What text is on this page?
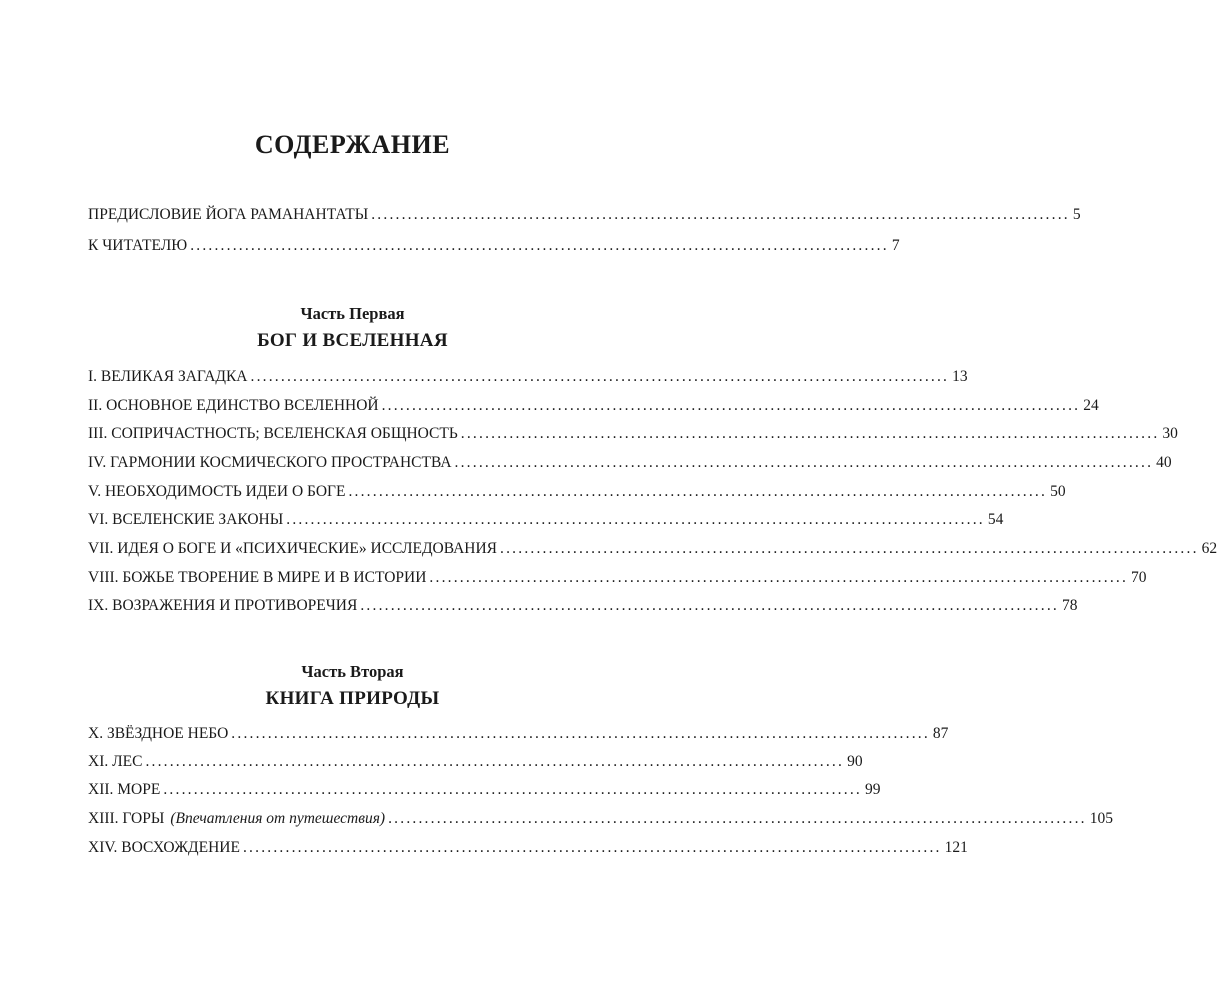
СОДЕРЖАНИЕ
ПРЕДИСЛОВИЕ ЙОГА РАМАНАНТАТЫ ................................................................................................................... 5
К ЧИТАТЕЛЮ ................................................................................................................... 7
Часть Первая
БОГ И ВСЕЛЕННАЯ
I. ВЕЛИКАЯ ЗАГАДКА ................................................................................................................... 13
II. ОСНОВНОЕ ЕДИНСТВО ВСЕЛЕННОЙ ................................................................................................................... 24
III. СОПРИЧАСТНОСТЬ; ВСЕЛЕНСКАЯ ОБЩНОСТЬ ................................................................................................................... 30
IV. ГАРМОНИИ КОСМИЧЕСКОГО ПРОСТРАНСТВА ................................................................................................................... 40
V. НЕОБХОДИМОСТЬ ИДЕИ О БОГЕ ................................................................................................................... 50
VI. ВСЕЛЕНСКИЕ ЗАКОНЫ ................................................................................................................... 54
VII. ИДЕЯ О БОГЕ И «ПСИХИЧЕСКИЕ» ИССЛЕДОВАНИЯ ................................................................................................................... 62
VIII. БОЖЬЕ ТВОРЕНИЕ В МИРЕ И В ИСТОРИИ ................................................................................................................... 70
IX. ВОЗРАЖЕНИЯ И ПРОТИВОРЕЧИЯ ................................................................................................................... 78
Часть Вторая
КНИГА ПРИРОДЫ
X. ЗВЁЗДНОЕ НЕБО ................................................................................................................... 87
XI. ЛЕС ................................................................................................................... 90
XII. МОРЕ ................................................................................................................... 99
XIII. ГОРЫ (Впечатления от путешествия) ................................................................................................................... 105
XIV. ВОСХОЖДЕНИЕ ................................................................................................................... 121
